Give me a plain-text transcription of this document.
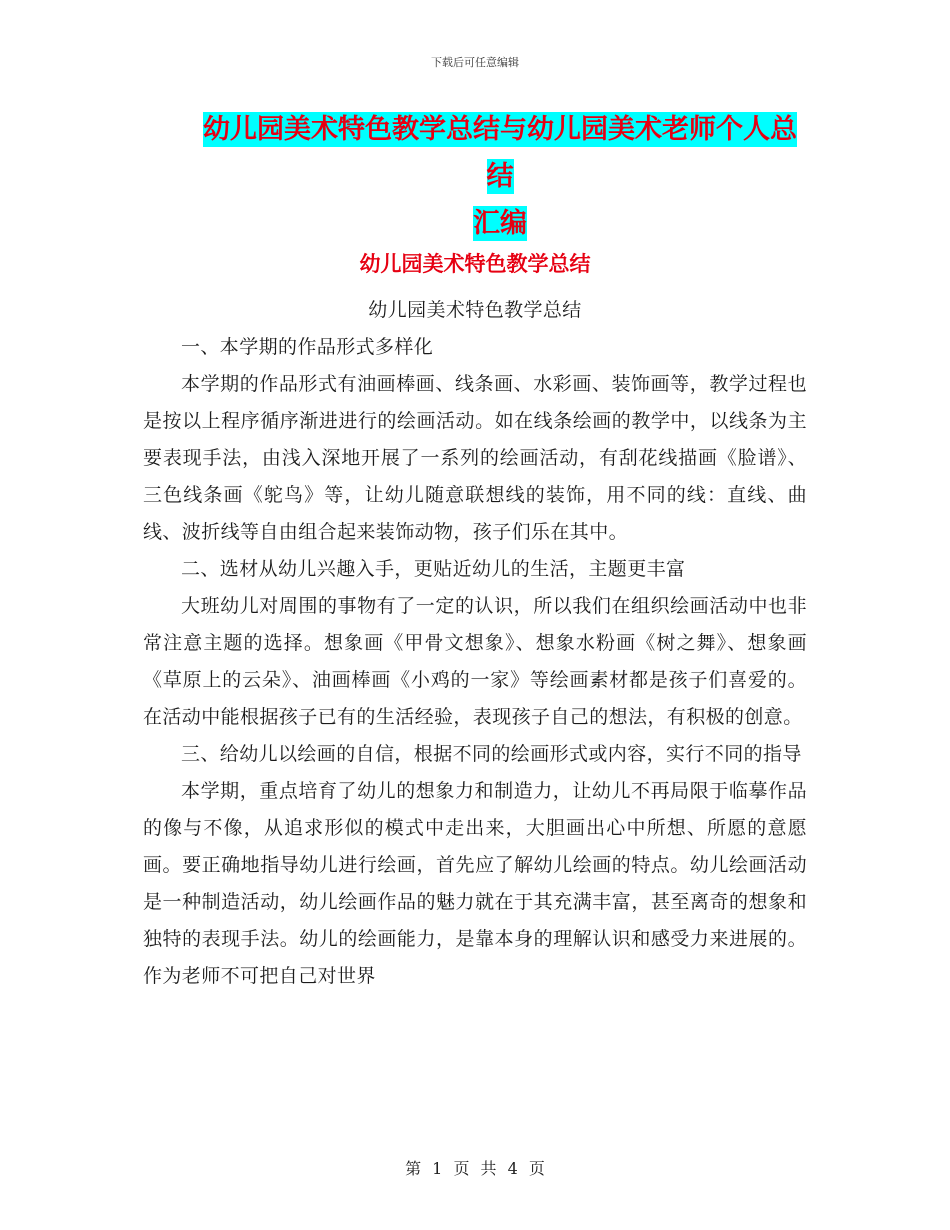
下载后可任意编辑
幼儿园美术特色教学总结与幼儿园美术老师个人总结
汇编
幼儿园美术特色教学总结

幼儿园美术特色教学总结

一、本学期的作品形式多样化

本学期的作品形式有油画棒画、线条画、水彩画、装饰画等，教学过程也是按以上程序循序渐进进行的绘画活动。如在线条绘画的教学中，以线条为主要表现手法，由浅入深地开展了一系列的绘画活动，有刮花线描画《脸谱》、三色线条画《鸵鸟》等，让幼儿随意联想线的装饰，用不同的线：直线、曲线、波折线等自由组合起来装饰动物，孩子们乐在其中。

二、选材从幼儿兴趣入手，更贴近幼儿的生活，主题更丰富

大班幼儿对周围的事物有了一定的认识，所以我们在组织绘画活动中也非常注意主题的选择。想象画《甲骨文想象》、想象水粉画《树之舞》、想象画《草原上的云朵》、油画棒画《小鸡的一家》等绘画素材都是孩子们喜爱的。在活动中能根据孩子已有的生活经验，表现孩子自己的想法，有积极的创意。

三、给幼儿以绘画的自信，根据不同的绘画形式或内容，实行不同的指导

本学期，重点培育了幼儿的想象力和制造力，让幼儿不再局限于临摹作品的像与不像，从追求形似的模式中走出来，大胆画出心中所想、所愿的意愿画。要正确地指导幼儿进行绘画，首先应了解幼儿绘画的特点。幼儿绘画活动是一种制造活动，幼儿绘画作品的魅力就在于其充满丰富，甚至离奇的想象和独特的表现手法。幼儿的绘画能力，是靠本身的理解认识和感受力来进展的。作为老师不可把自己对世界

第 1 页 共 4 页
